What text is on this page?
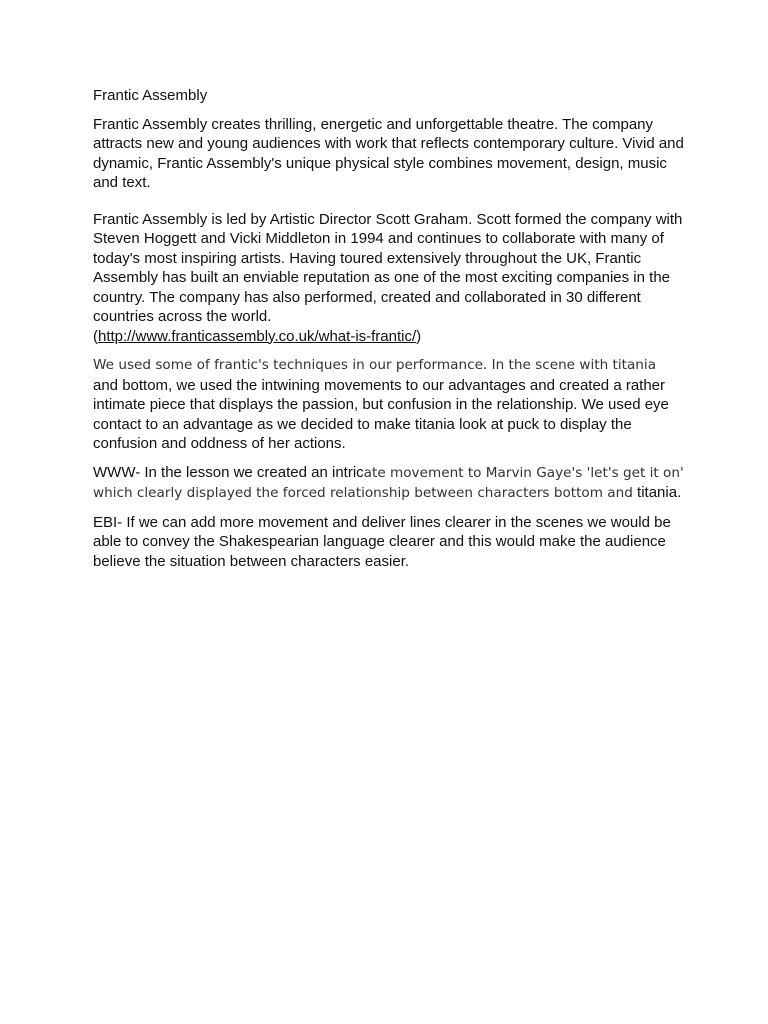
Frantic Assembly

Frantic Assembly creates thrilling, energetic and unforgettable theatre. The company attracts new and young audiences with work that reflects contemporary culture. Vivid and dynamic, Frantic Assembly's unique physical style combines movement, design, music and text.

Frantic Assembly is led by Artistic Director Scott Graham. Scott formed the company with Steven Hoggett and Vicki Middleton in 1994 and continues to collaborate with many of today's most inspiring artists. Having toured extensively throughout the UK, Frantic Assembly has built an enviable reputation as one of the most exciting companies in the country. The company has also performed, created and collaborated in 30 different countries across the world.
(http://www.franticassembly.co.uk/what-is-frantic/)

We used some of frantic's techniques in our performance. In the scene with titania and bottom, we used the intwining movements to our advantages and created a rather intimate piece that displays the passion, but confusion in the relationship. We used eye contact to an advantage as we decided to make titania look at puck to display the confusion and oddness of her actions.

WWW- In the lesson we created an intricate movement to Marvin Gaye's 'let's get it on' which clearly displayed the forced relationship between characters bottom and titania.

EBI- If we can add more movement and deliver lines clearer in the scenes we would be able to convey the Shakespearian language clearer and this would make the audience believe the situation between characters easier.
